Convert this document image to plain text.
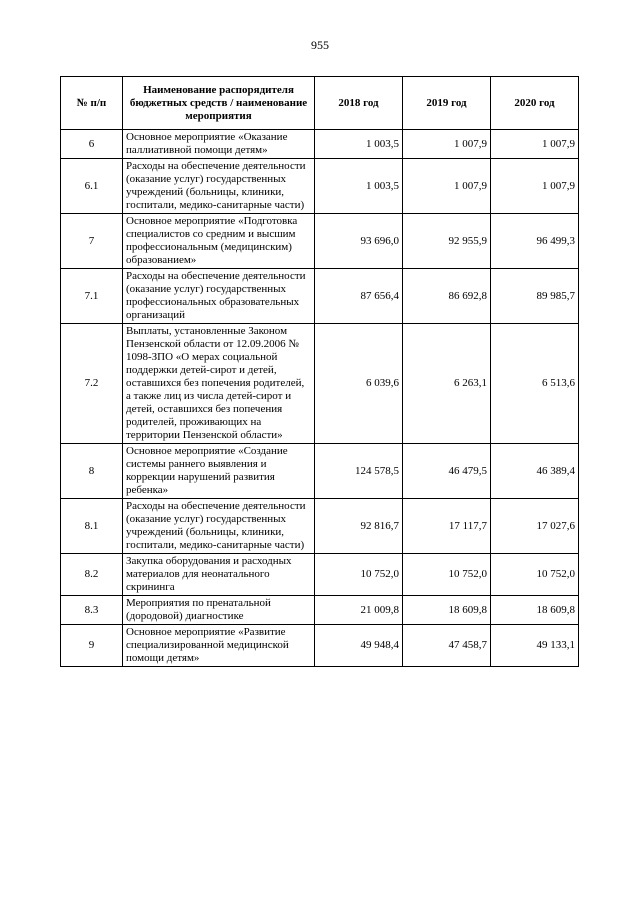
955
№ п/п	Наименование распорядителя бюджетных средств / наименование мероприятия	2018 год	2019 год	2020 год
6	Основное мероприятие «Оказание паллиативной помощи детям»	1 003,5	1 007,9	1 007,9
6.1	Расходы на обеспечение деятельности (оказание услуг) государственных учреждений (больницы, клиники, госпитали, медико-санитарные части)	1 003,5	1 007,9	1 007,9
7	Основное мероприятие «Подготовка специалистов со средним и высшим профессиональным (медицинским) образованием»	93 696,0	92 955,9	96 499,3
7.1	Расходы на обеспечение деятельности (оказание услуг) государственных профессиональных образовательных организаций	87 656,4	86 692,8	89 985,7
7.2	Выплаты, установленные Законом Пензенской области от 12.09.2006 № 1098-ЗПО «О мерах социальной поддержки детей-сирот и детей, оставшихся без попечения родителей, а также лиц из числа детей-сирот и детей, оставшихся без попечения родителей, проживающих на территории Пензенской области»	6 039,6	6 263,1	6 513,6
8	Основное мероприятие «Создание системы раннего выявления и коррекции нарушений развития ребенка»	124 578,5	46 479,5	46 389,4
8.1	Расходы на обеспечение деятельности (оказание услуг) государственных учреждений (больницы, клиники, госпитали, медико-санитарные части)	92 816,7	17 117,7	17 027,6
8.2	Закупка оборудования и расходных материалов для неонатального скрининга	10 752,0	10 752,0	10 752,0
8.3	Мероприятия по пренатальной (дородовой) диагностике	21 009,8	18 609,8	18 609,8
9	Основное мероприятие «Развитие специализированной медицинской помощи детям»	49 948,4	47 458,7	49 133,1
